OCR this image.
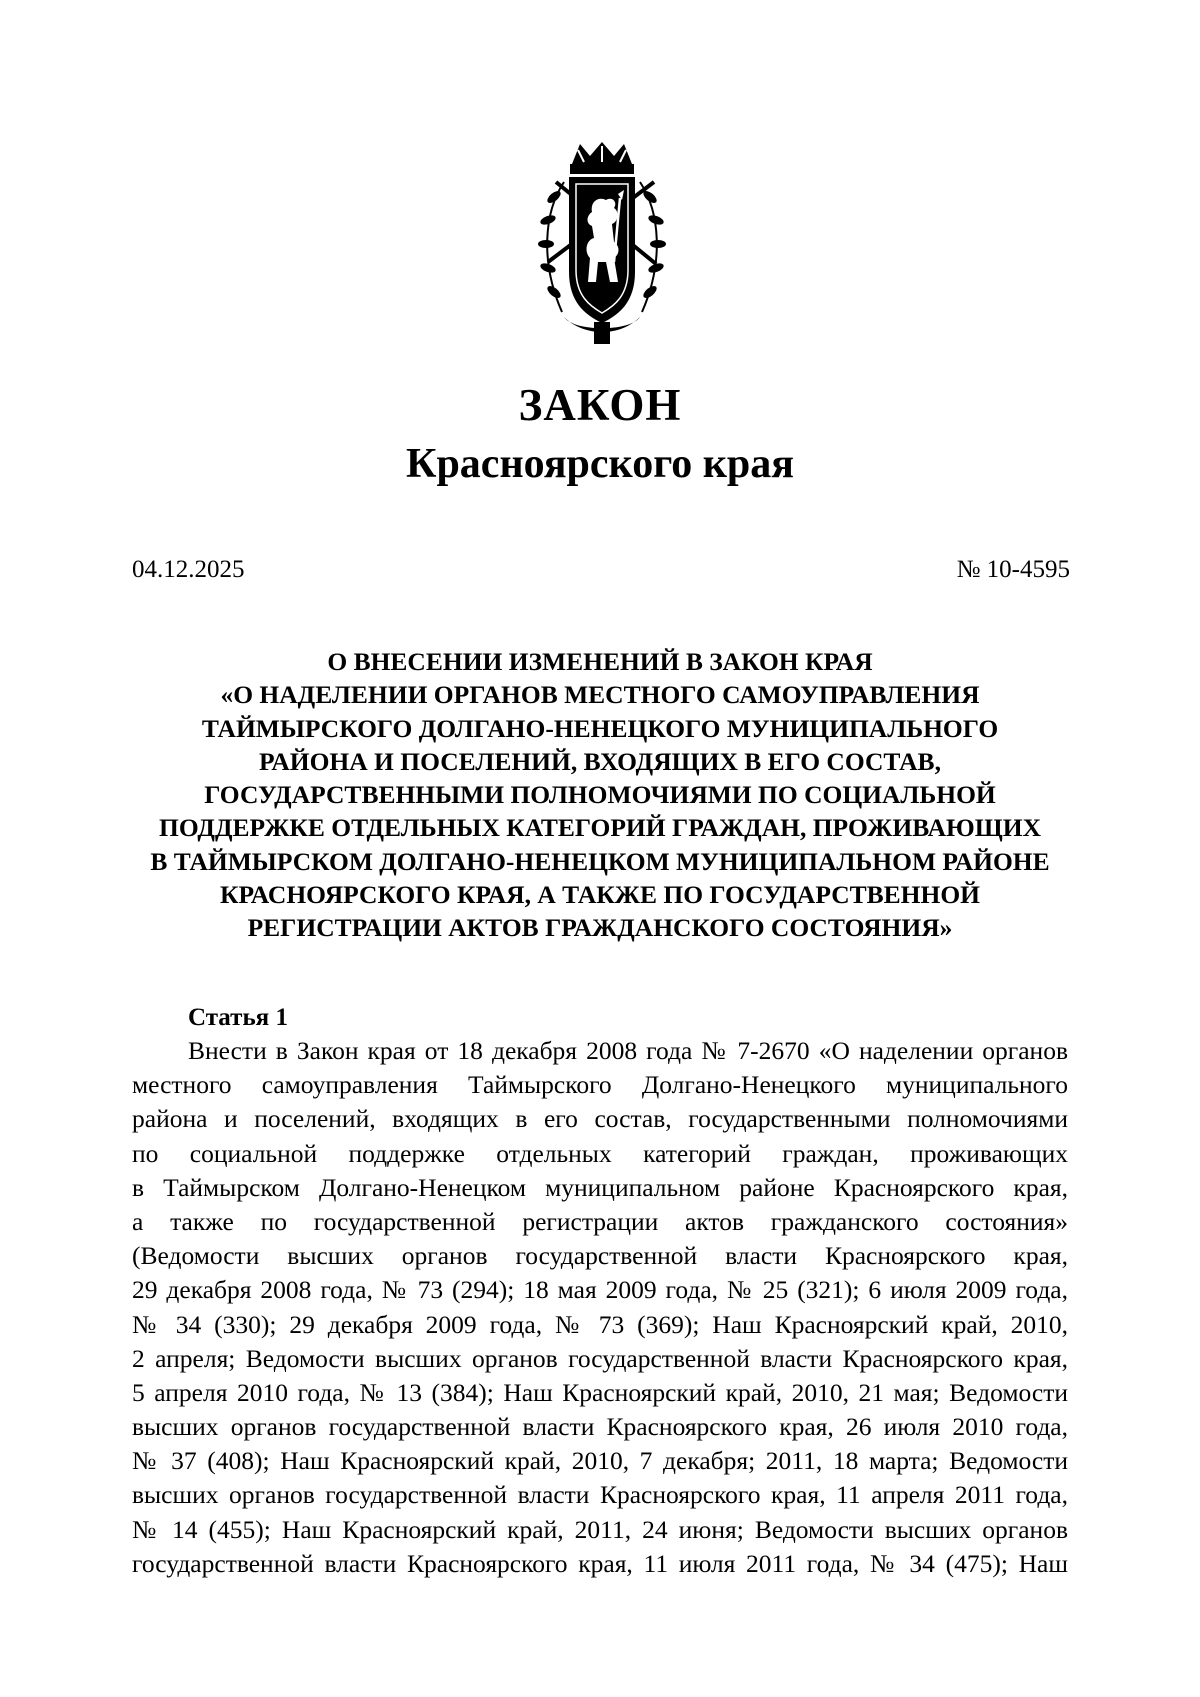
ЗАКОН
Красноярского края
04.12.2025	№ 10-4595
О ВНЕСЕНИИ ИЗМЕНЕНИЙ В ЗАКОН КРАЯ
«О НАДЕЛЕНИИ ОРГАНОВ МЕСТНОГО САМОУПРАВЛЕНИЯ
ТАЙМЫРСКОГО ДОЛГАНО-НЕНЕЦКОГО МУНИЦИПАЛЬНОГО
РАЙОНА И ПОСЕЛЕНИЙ, ВХОДЯЩИХ В ЕГО СОСТАВ,
ГОСУДАРСТВЕННЫМИ ПОЛНОМОЧИЯМИ ПО СОЦИАЛЬНОЙ
ПОДДЕРЖКЕ ОТДЕЛЬНЫХ КАТЕГОРИЙ ГРАЖДАН, ПРОЖИВАЮЩИХ
В ТАЙМЫРСКОМ ДОЛГАНО-НЕНЕЦКОМ МУНИЦИПАЛЬНОМ РАЙОНЕ
КРАСНОЯРСКОГО КРАЯ, А ТАКЖЕ ПО ГОСУДАРСТВЕННОЙ
РЕГИСТРАЦИИ АКТОВ ГРАЖДАНСКОГО СОСТОЯНИЯ»
Статья 1
Внести в Закон края от 18 декабря 2008 года № 7-2670 «О наделении органов
местного самоуправления Таймырского Долгано-Ненецкого муниципального
района и поселений, входящих в его состав, государственными полномочиями
по социальной поддержке отдельных категорий граждан, проживающих
в Таймырском Долгано-Ненецком муниципальном районе Красноярского края,
а также по государственной регистрации актов гражданского состояния»
(Ведомости высших органов государственной власти Красноярского края,
29 декабря 2008 года, № 73 (294); 18 мая 2009 года, № 25 (321); 6 июля 2009 года,
№ 34 (330); 29 декабря 2009 года, № 73 (369); Наш Красноярский край, 2010,
2 апреля; Ведомости высших органов государственной власти Красноярского края,
5 апреля 2010 года, № 13 (384); Наш Красноярский край, 2010, 21 мая; Ведомости
высших органов государственной власти Красноярского края, 26 июля 2010 года,
№ 37 (408); Наш Красноярский край, 2010, 7 декабря; 2011, 18 марта; Ведомости
высших органов государственной власти Красноярского края, 11 апреля 2011 года,
№ 14 (455); Наш Красноярский край, 2011, 24 июня; Ведомости высших органов
государственной власти Красноярского края, 11 июля 2011 года, № 34 (475); Наш
